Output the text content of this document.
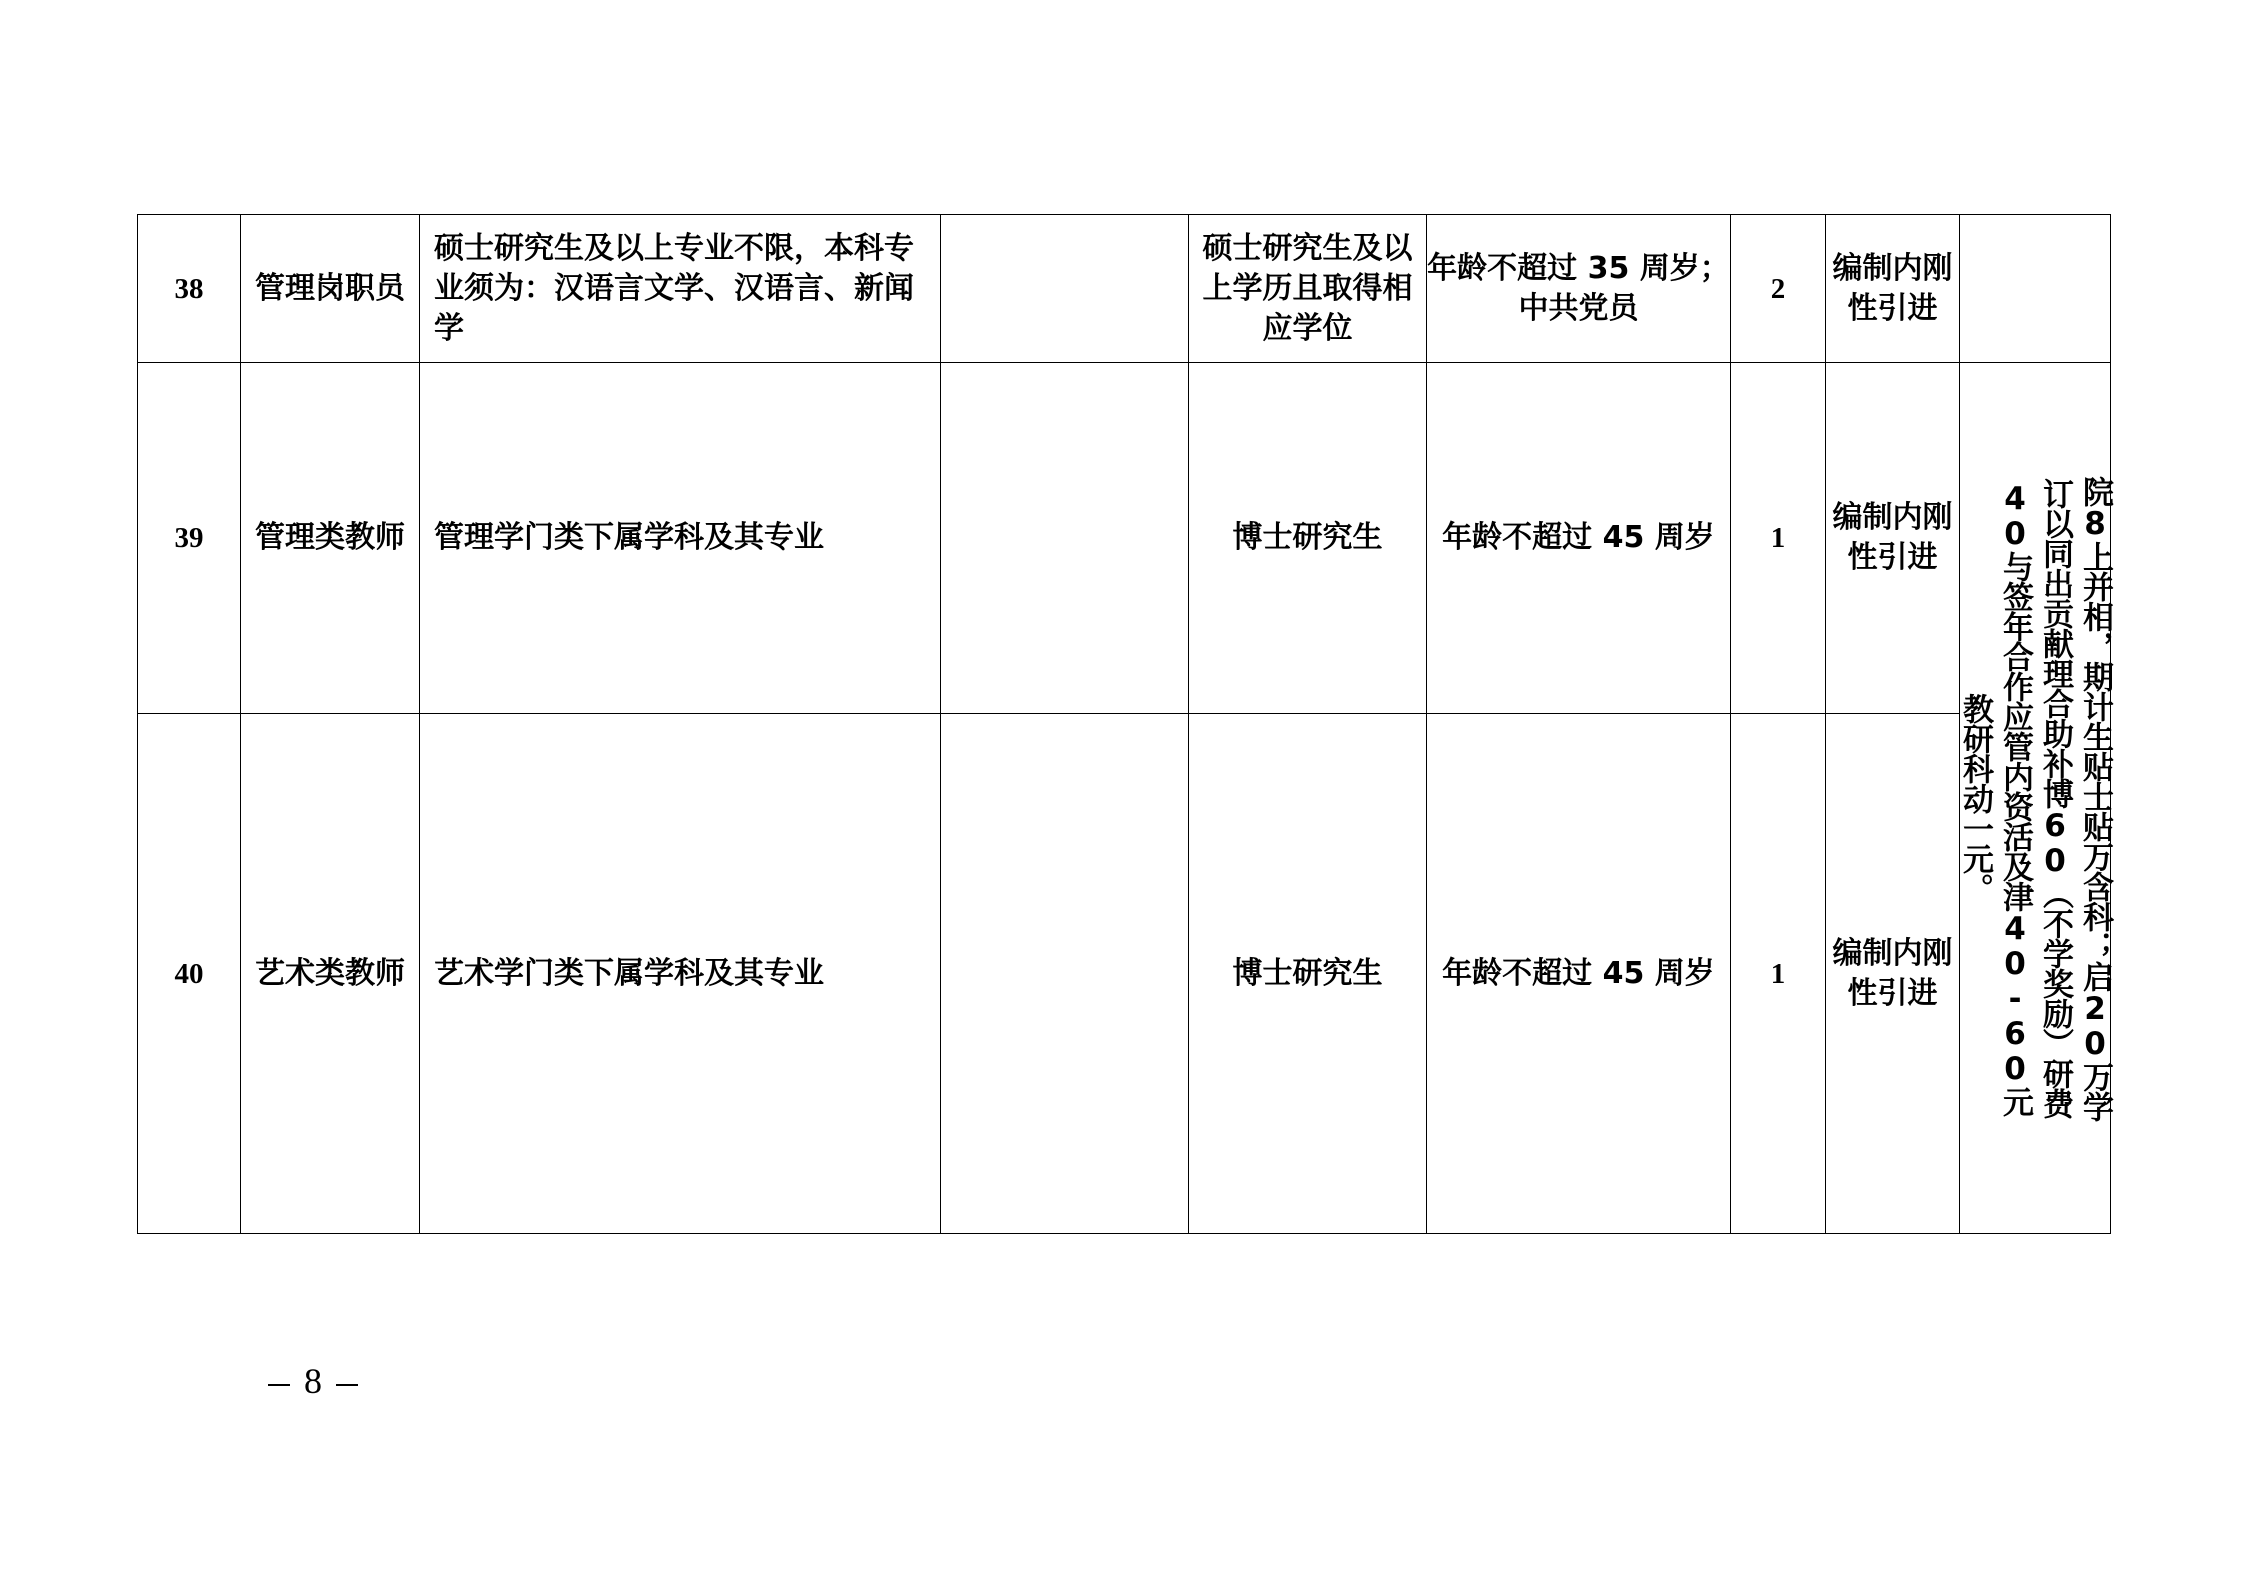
38	管理岗职员	硕士研究生及以上专业不限，本科专业须为：汉语言文学、汉语言、新闻学		硕士研究生及以上学历且取得相应学位	年龄不超过 35 周岁；中共党员	2	编制内刚性引进	
39	管理类教师	管理学门类下属学科及其专业		博士研究生	年龄不超过 45 周岁	1	编制内刚性引进	院8上并相，期计生贴士贴万含科；启20万学订以同出贡献理合助补博60（不学奖励）研费40与签年合作应管内资活及津40-60元教研科动一元。

40	艺术类教师	艺术学门类下属学科及其专业		博士研究生	年龄不超过 45 周岁	1	编制内刚性引进	
8
